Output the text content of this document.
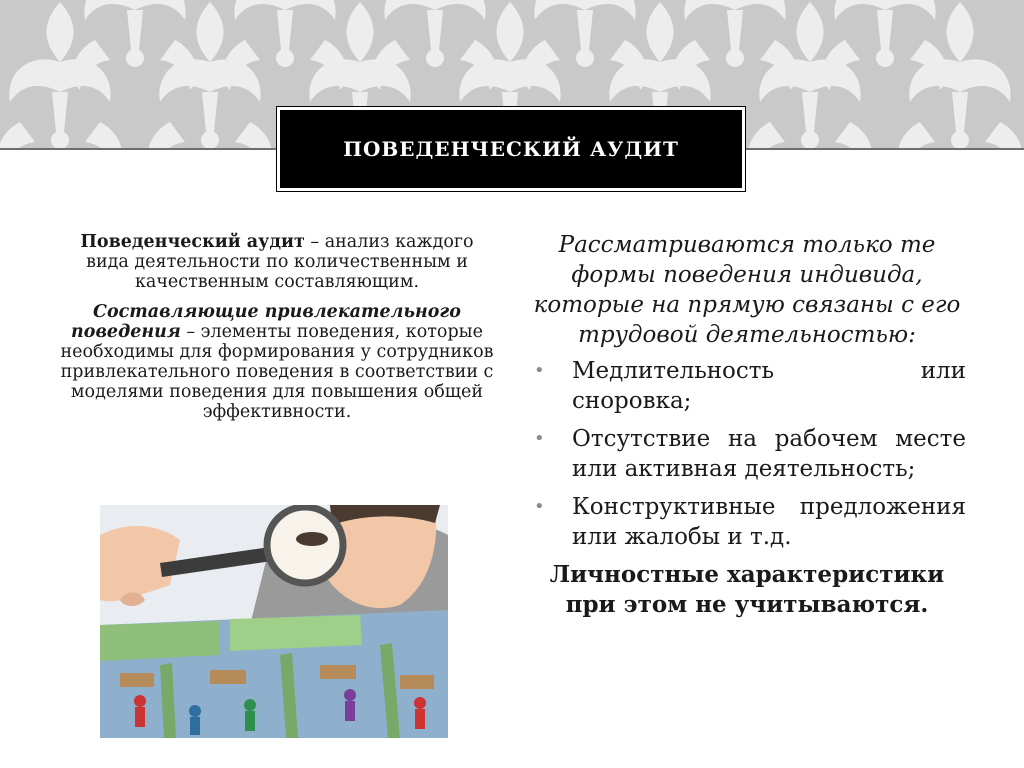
ПОВЕДЕНЧЕСКИЙ АУДИТ

Поведенческий аудит – анализ каждого вида деятельности по количественным и качественным составляющим.

Составляющие привлекательного поведения – элементы поведения, которые необходимы для формирования у сотрудников привлекательного поведения в соответствии с моделями поведения для повышения общей эффективности.

Рассматриваются только те формы поведения индивида, которые на прямую связаны с его трудовой деятельностью:

• Медлительность	или
сноровка;
• Отсутствие на рабочем месте или активная деятельность;
• Конструктивные предложения или жалобы и т.д.
Личностные характеристики при этом не учитываются.
